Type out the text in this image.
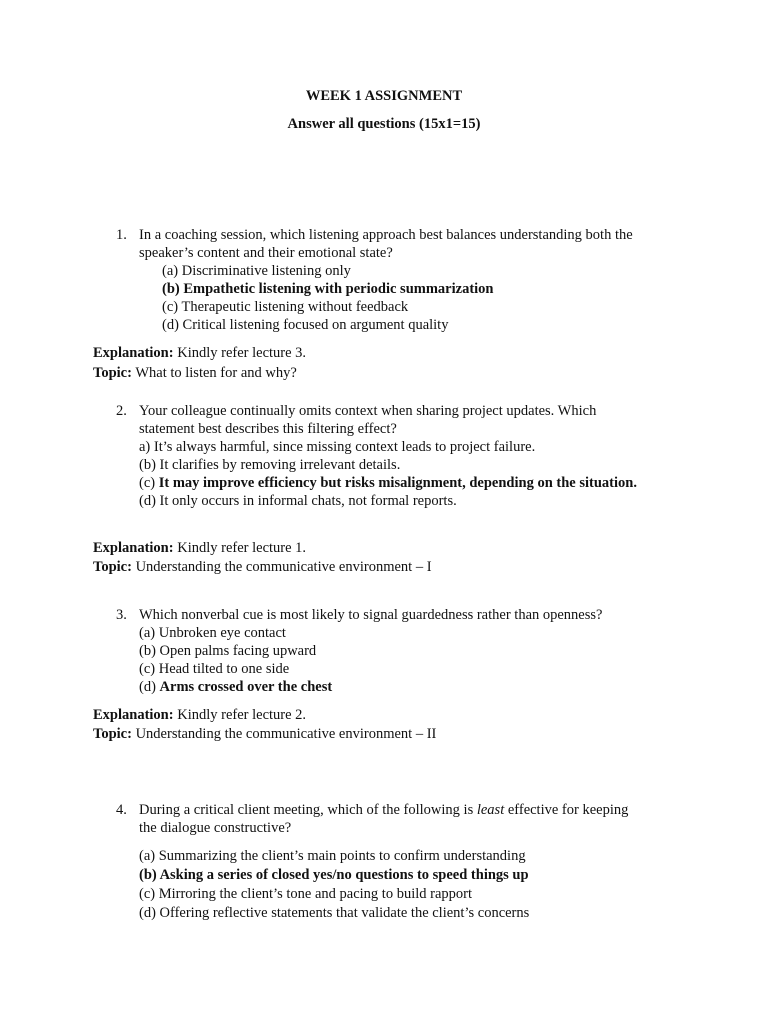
WEEK 1 ASSIGNMENT
Answer all questions (15x1=15)
1. In a coaching session, which listening approach best balances understanding both the
speaker’s content and their emotional state?
(a) Discriminative listening only
(b) Empathetic listening with periodic summarization
(c) Therapeutic listening without feedback
(d) Critical listening focused on argument quality
Explanation: Kindly refer lecture 3.
Topic: What to listen for and why?
2. Your colleague continually omits context when sharing project updates. Which
statement best describes this filtering effect?
a) It’s always harmful, since missing context leads to project failure.
(b) It clarifies by removing irrelevant details.
(c) It may improve efficiency but risks misalignment, depending on the situation.
(d) It only occurs in informal chats, not formal reports.
Explanation: Kindly refer lecture 1.
Topic: Understanding the communicative environment – I
3. Which nonverbal cue is most likely to signal guardedness rather than openness?
(a) Unbroken eye contact
(b) Open palms facing upward
(c) Head tilted to one side
(d) Arms crossed over the chest
Explanation: Kindly refer lecture 2.
Topic: Understanding the communicative environment – II
4. During a critical client meeting, which of the following is least effective for keeping
the dialogue constructive?
(a) Summarizing the client’s main points to confirm understanding
(b) Asking a series of closed yes/no questions to speed things up
(c) Mirroring the client’s tone and pacing to build rapport
(d) Offering reflective statements that validate the client’s concerns
